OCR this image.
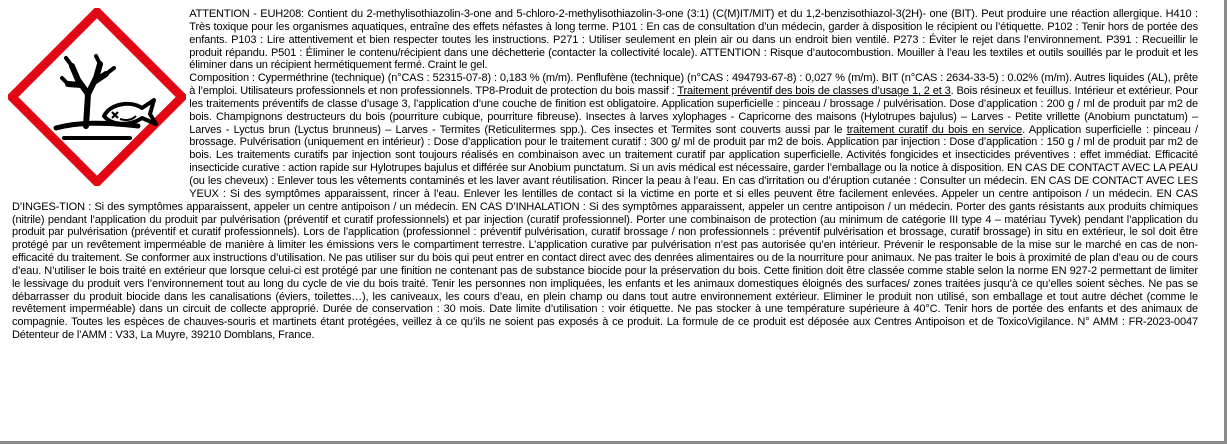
ATTENTION - EUH208: Contient du 2-methylisothiazolin-3-one and 5-chloro-2-methylisothiazolin-3-one (3:1) (C(M)IT/MIT) et du 1,2-benzisothiazol-3(2H)- one (BIT). Peut produire une réaction allergique. H410 : Très toxique pour les organismes aquatiques, entraîne des effets néfastes à long terme. P101 : En cas de consultation d’un médecin, garder à disposition le récipient ou l’étiquette. P102 : Tenir hors de portée des enfants. P103 : Lire attentivement et bien respecter toutes les instructions. P271 : Utiliser seulement en plein air ou dans un endroit bien ventilé. P273 : Éviter le rejet dans l’environnement. P391 : Recueillir le produit répandu. P501 : Éliminer le contenu/récipient dans une déchetterie (contacter la collectivité locale). ATTENTION : Risque d’autocombustion. Mouiller à l’eau les textiles et outils souillés par le produit et les éliminer dans un récipient hermétiquement fermé. Craint le gel.
Composition : Cyperméthrine (technique) (n°CAS : 52315-07-8) : 0,183 % (m/m). Penflufène (technique) (n°CAS : 494793-67-8) : 0,027 % (m/m). BIT (n°CAS : 2634-33-5) : 0.02% (m/m). Autres liquides (AL), prête à l’emploi. Utilisateurs professionnels et non professionnels. TP8-Produit de protection du bois massif : Traitement préventif des bois de classes d’usage 1, 2 et 3. Bois résineux et feuillus. Intérieur et extérieur. Pour les traitements préventifs de classe d’usage 3, l’application d’une couche de finition est obligatoire. Application superficielle : pinceau / brossage / pulvérisation. Dose d’application : 200 g / ml de produit par m2 de bois. Champignons destructeurs du bois (pourriture cubique, pourriture fibreuse). Insectes à larves xylophages - Capricorne des maisons (Hylotrupes bajulus) – Larves - Petite vrillette (Anobium punctatum) – Larves - Lyctus brun (Lyctus brunneus) – Larves - Termites (Reticulitermes spp.). Ces insectes et Termites sont couverts aussi par le traitement curatif du bois en service. Application superficielle : pinceau / brossage. Pulvérisation (uniquement en intérieur) : Dose d’application pour le traitement curatif : 300 g/ ml de produit par m2 de bois. Application par injection : Dose d’application : 150 g / ml de produit par m2 de bois. Les traitements curatifs par injection sont toujours réalisés en combinaison avec un traitement curatif par application superficielle. Activités fongicides et insecticides préventives : effet immédiat. Efficacité insecticide curative : action rapide sur Hylotrupes bajulus et différée sur Anobium punctatum. Si un avis médical est nécessaire, garder l’emballage ou la notice à disposition. EN CAS DE CONTACT AVEC LA PEAU (ou les cheveux) : Enlever tous les vêtements contaminés et les laver avant réutilisation. Rincer la peau à l’eau. En cas d’irritation ou d’éruption cutanée : Consulter un médecin. EN CAS DE CONTACT AVEC LES YEUX : Si des symptômes apparaissent, rincer à l’eau. Enlever les lentilles de contact si la victime en porte et si elles peuvent être facilement enlevées. Appeler un centre antipoison / un médecin. EN CAS D’INGES-TION : Si des symptômes apparaissent, appeler un centre antipoison / un médecin. EN CAS D’INHALATION : Si des symptômes apparaissent, appeler un centre antipoison / un médecin. Porter des gants résistants aux produits chimiques (nitrile) pendant l’application du produit par pulvérisation (préventif et curatif professionnels) et par injection (curatif professionnel). Porter une combinaison de protection (au minimum de catégorie III type 4 – matériau Tyvek) pendant l’application du produit par pulvérisation (préventif et curatif professionnels). Lors de l’application (professionnel : préventif pulvérisation, curatif brossage / non professionnels : préventif pulvérisation et brossage, curatif brossage) in situ en extérieur, le sol doit être protégé par un revêtement imperméable de manière à limiter les émissions vers le compartiment terrestre. L’application curative par pulvérisation n’est pas autorisée qu’en intérieur. Prévenir le responsable de la mise sur le marché en cas de non-efficacité du traitement. Se conformer aux instructions d’utilisation. Ne pas utiliser sur du bois qui peut entrer en contact direct avec des denrées alimentaires ou de la nourriture pour animaux. Ne pas traiter le bois à proximité de plan d’eau ou de cours d’eau. N’utiliser le bois traité en extérieur que lorsque celui-ci est protégé par une finition ne contenant pas de substance biocide pour la préservation du bois. Cette finition doit être classée comme stable selon la norme EN 927-2 permettant de limiter le lessivage du produit vers l’environnement tout au long du cycle de vie du bois traité. Tenir les personnes non impliquées, les enfants et les animaux domestiques éloignés des surfaces/ zones traitées jusqu’à ce qu’elles soient sèches. Ne pas se débarrasser du produit biocide dans les canalisations (éviers, toilettes…), les caniveaux, les cours d’eau, en plein champ ou dans tout autre environnement extérieur. Eliminer le produit non utilisé, son emballage et tout autre déchet (comme le revêtement imperméable) dans un circuit de collecte approprié. Durée de conservation : 30 mois. Date limite d’utilisation : voir étiquette. Ne pas stocker à une température supérieure à 40°C. Tenir hors de portée des enfants et des animaux de compagnie. Toutes les espèces de chauves-souris et martinets étant protégées, veillez à ce qu’ils ne soient pas exposés à ce produit. La formule de ce produit est déposée aux Centres Antipoison et de ToxicoVigilance. N° AMM : FR-2023-0047 Détenteur de l’AMM : V33, La Muyre, 39210 Domblans, France.
